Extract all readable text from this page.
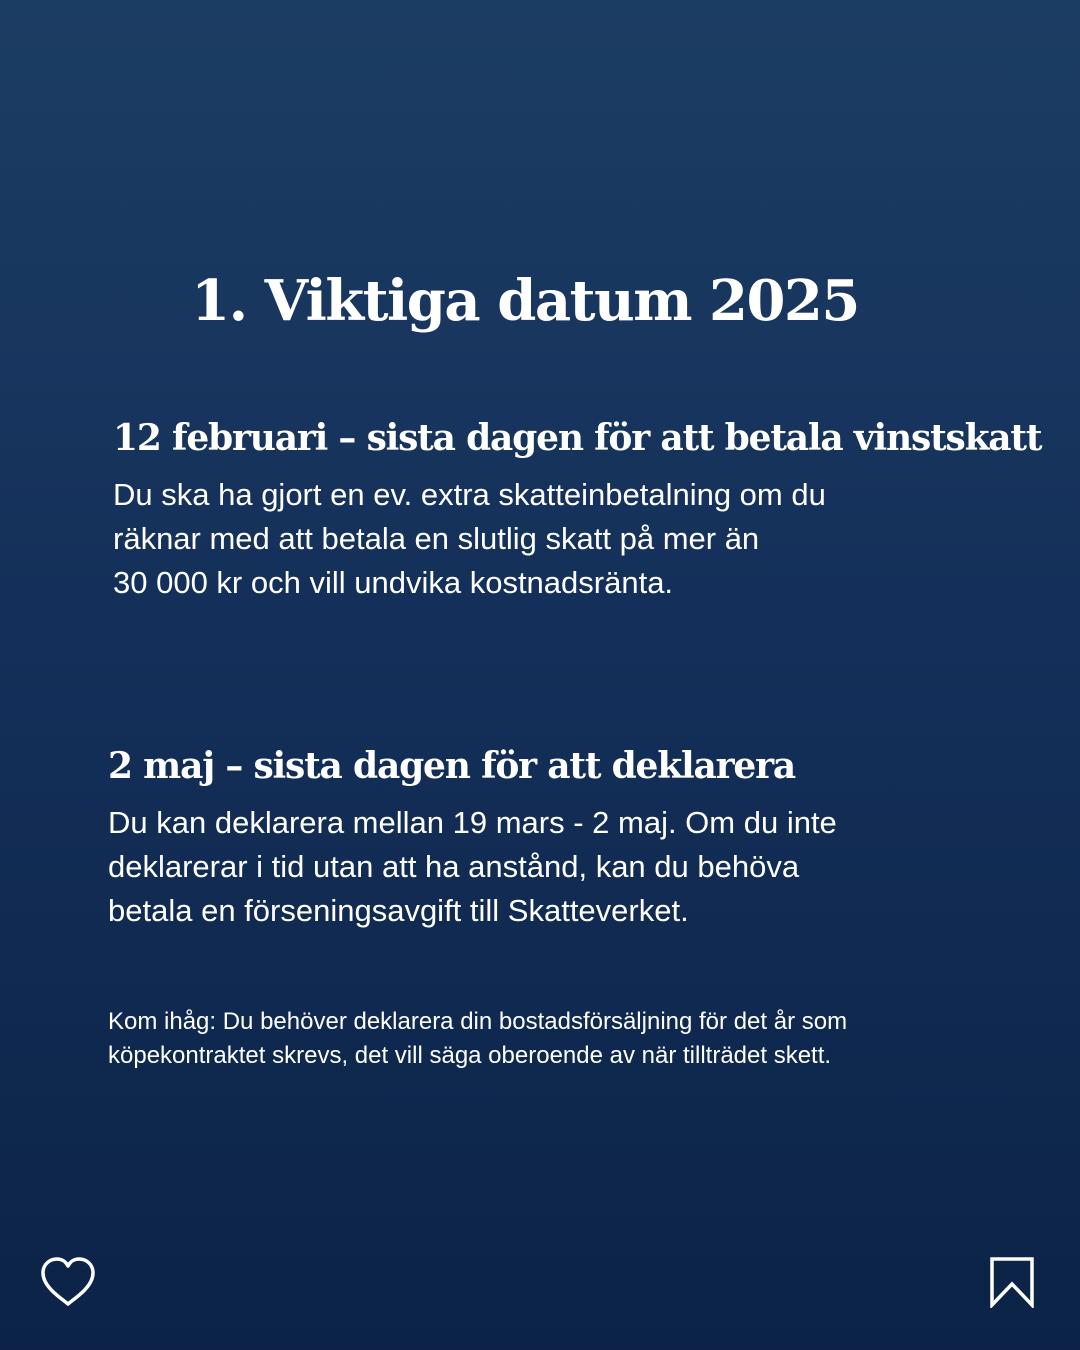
1. Viktiga datum 2025
12 februari – sista dagen för att betala vinstskatt

Du ska ha gjort en ev. extra skatteinbetalning om du
räknar med att betala en slutlig skatt på mer än
30 000 kr och vill undvika kostnadsränta.

2 maj – sista dagen för att deklarera

Du kan deklarera mellan 19 mars - 2 maj. Om du inte
deklarerar i tid utan att ha anstånd, kan du behöva
betala en förseningsavgift till Skatteverket.

Kom ihåg: Du behöver deklarera din bostadsförsäljning för det år som
köpekontraktet skrevs, det vill säga oberoende av när tillträdet skett.
